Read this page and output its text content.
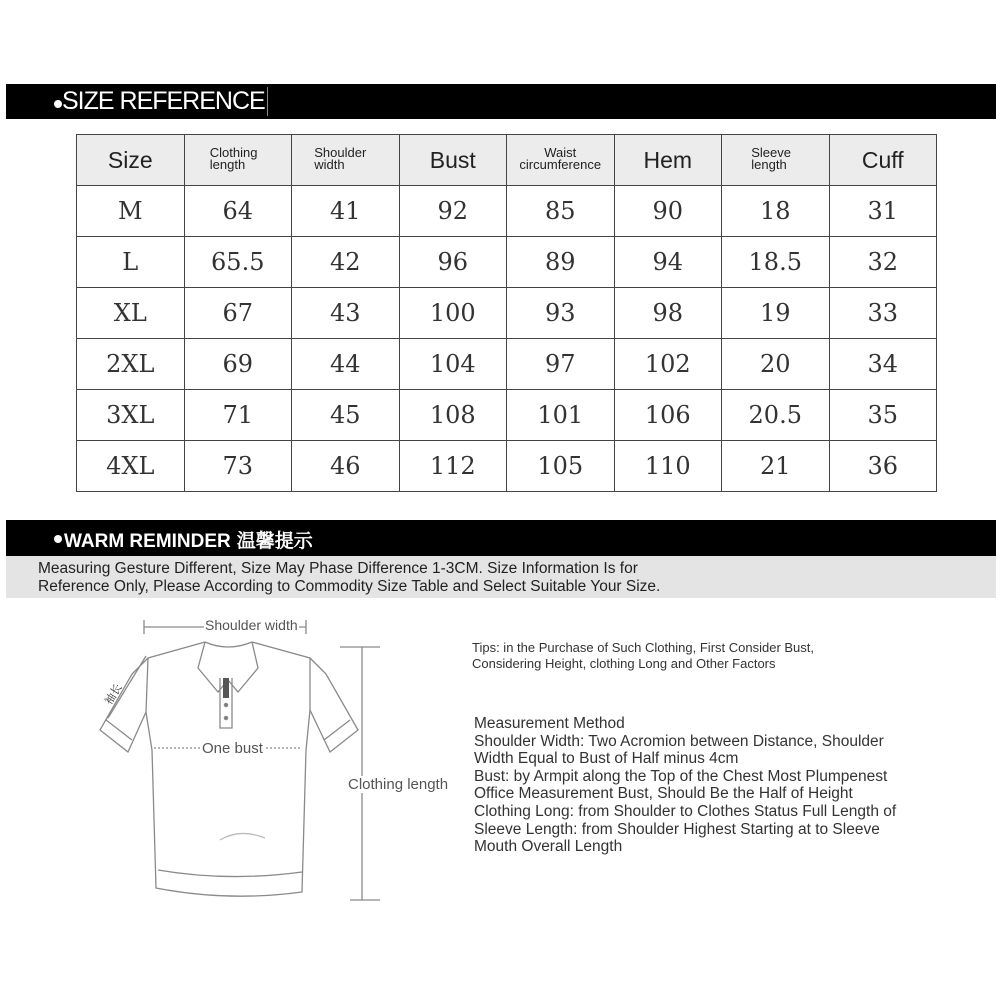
SIZE REFERENCE
Size	Clothing length	Shoulder width	Bust	Waist circumference	Hem	Sleeve length	Cuff
M	64	41	92	85	90	18	31
L	65.5	42	96	89	94	18.5	32
XL	67	43	100	93	98	19	33
2XL	69	44	104	97	102	20	34
3XL	71	45	108	101	106	20.5	35
4XL	73	46	112	105	110	21	36
WARM REMINDER 温馨提示
Measuring Gesture Different, Size May Phase Difference 1-3CM. Size Information Is for
Reference Only, Please According to Commodity Size Table and Select Suitable Your Size.
Shoulder width
One bust
Clothing length
袖长
Tips: in the Purchase of Such Clothing, First Consider Bust,
Considering Height, clothing Long and Other Factors
Measurement Method
Shoulder Width: Two Acromion between Distance, Shoulder
Width Equal to Bust of Half minus 4cm
Bust: by Armpit along the Top of the Chest Most Plumpenest
Office Measurement Bust, Should Be the Half of Height
Clothing Long: from Shoulder to Clothes Status Full Length of
Sleeve Length: from Shoulder Highest Starting at to Sleeve
Mouth Overall Length
